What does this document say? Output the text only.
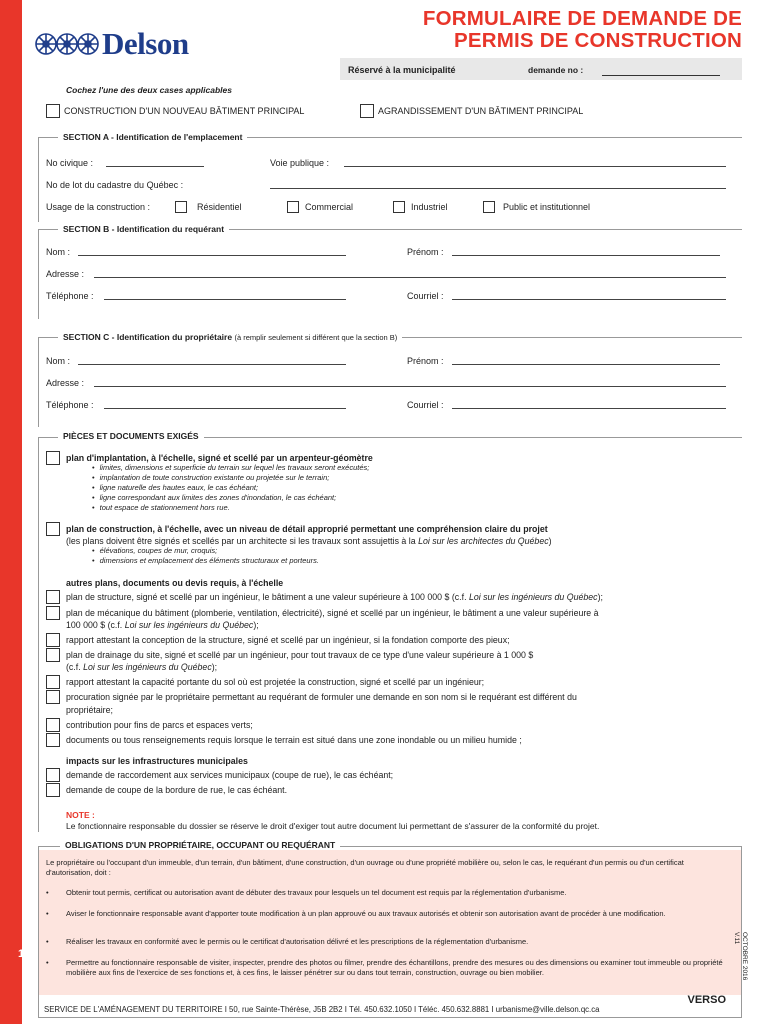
1
Delson
FORMULAIRE DE DEMANDE DE
PERMIS DE CONSTRUCTION
Réservé à la municipalité	demande no :
Cochez l'une des deux cases applicables
CONSTRUCTION D'UN NOUVEAU BÂTIMENT PRINCIPAL	AGRANDISSEMENT D'UN BÂTIMENT PRINCIPAL
SECTION A - Identification de l'emplacement
No civique :	Voie publique :
No de lot du cadastre du Québec :
Usage de la construction :	Résidentiel	Commercial	Industriel	Public et institutionnel
SECTION B - Identification du requérant
Nom :	Prénom :
Adresse :
Téléphone :	Courriel :
SECTION C - Identification du propriétaire (à remplir seulement si différent que la section B)
Nom :	Prénom :
Adresse :
Téléphone :	Courriel :
PIÈCES ET DOCUMENTS EXIGÉS
plan d'implantation, à l'échelle, signé et scellé par un arpenteur-géomètre
• limites, dimensions et superficie du terrain sur lequel les travaux seront exécutés;
• implantation de toute construction existante ou projetée sur le terrain;
• ligne naturelle des hautes eaux, le cas échéant;
• ligne correspondant aux limites des zones d'inondation, le cas échéant;
• tout espace de stationnement hors rue.
plan de construction, à l'échelle, avec un niveau de détail approprié permettant une compréhension claire du projet
(les plans doivent être signés et scellés par un architecte si les travaux sont assujettis à la Loi sur les architectes du Québec)
• élévations, coupes de mur, croquis;
• dimensions et emplacement des éléments structuraux et porteurs.
autres plans, documents ou devis requis, à l'échelle
plan de structure, signé et scellé par un ingénieur, le bâtiment a une valeur supérieure à 100 000 $ (c.f. Loi sur les ingénieurs du Québec);
plan de mécanique du bâtiment (plomberie, ventilation, électricité), signé et scellé par un ingénieur, le bâtiment a une valeur supérieure à
100 000 $ (c.f. Loi sur les ingénieurs du Québec);
rapport attestant la conception de la structure, signé et scellé par un ingénieur, si la fondation comporte des pieux;
plan de drainage du site, signé et scellé par un ingénieur, pour tout travaux de ce type d'une valeur supérieure à 1 000 $
(c.f. Loi sur les ingénieurs du Québec);
rapport attestant la capacité portante du sol où est projetée la construction, signé et scellé par un ingénieur;
procuration signée par le propriétaire permettant au requérant de formuler une demande en son nom si le requérant est différent du
propriétaire;
contribution pour fins de parcs et espaces verts;
documents ou tous renseignements requis lorsque le terrain est situé dans une zone inondable ou un milieu humide ;
impacts sur les infrastructures municipales
demande de raccordement aux services municipaux (coupe de rue), le cas échéant;
demande de coupe de la bordure de rue, le cas échéant.
NOTE :
Le fonctionnaire responsable du dossier se réserve le droit d'exiger tout autre document lui permettant de s'assurer de la conformité du projet.
OBLIGATIONS D'UN PROPRIÉTAIRE, OCCUPANT OU REQUÉRANT
Le propriétaire ou l'occupant d'un immeuble, d'un terrain, d'un bâtiment, d'une construction, d'un ouvrage ou d'une propriété mobilière ou, selon le cas, le requérant d'un permis ou d'un certificat d'autorisation, doit :
•	Obtenir tout permis, certificat ou autorisation avant de débuter des travaux pour lesquels un tel document est requis par la réglementation d'urbanisme.
•	Aviser le fonctionnaire responsable avant d'apporter toute modification à un plan approuvé ou aux travaux autorisés et obtenir son autorisation avant de procéder à une modification.
•	Réaliser les travaux en conformité avec le permis ou le certificat d'autorisation délivré et les prescriptions de la réglementation d'urbanisme.
•	Permettre au fonctionnaire responsable de visiter, inspecter, prendre des photos ou filmer, prendre des échantillons, prendre des mesures ou des dimensions ou examiner tout immeuble ou propriété mobilière aux fins de l'exercice de ses fonctions et, à ces fins, le laisser pénétrer sur ou dans tout terrain, construction, ouvrage ou bien mobilier.	OCTOBRE 2016
V.11
VERSO
SERVICE DE L'AMÉNAGEMENT DU TERRITOIRE I 50, rue Sainte-Thérèse, J5B 2B2 I Tél. 450.632.1050 I Téléc. 450.632.8881 I urbanisme@ville.delson.qc.ca
